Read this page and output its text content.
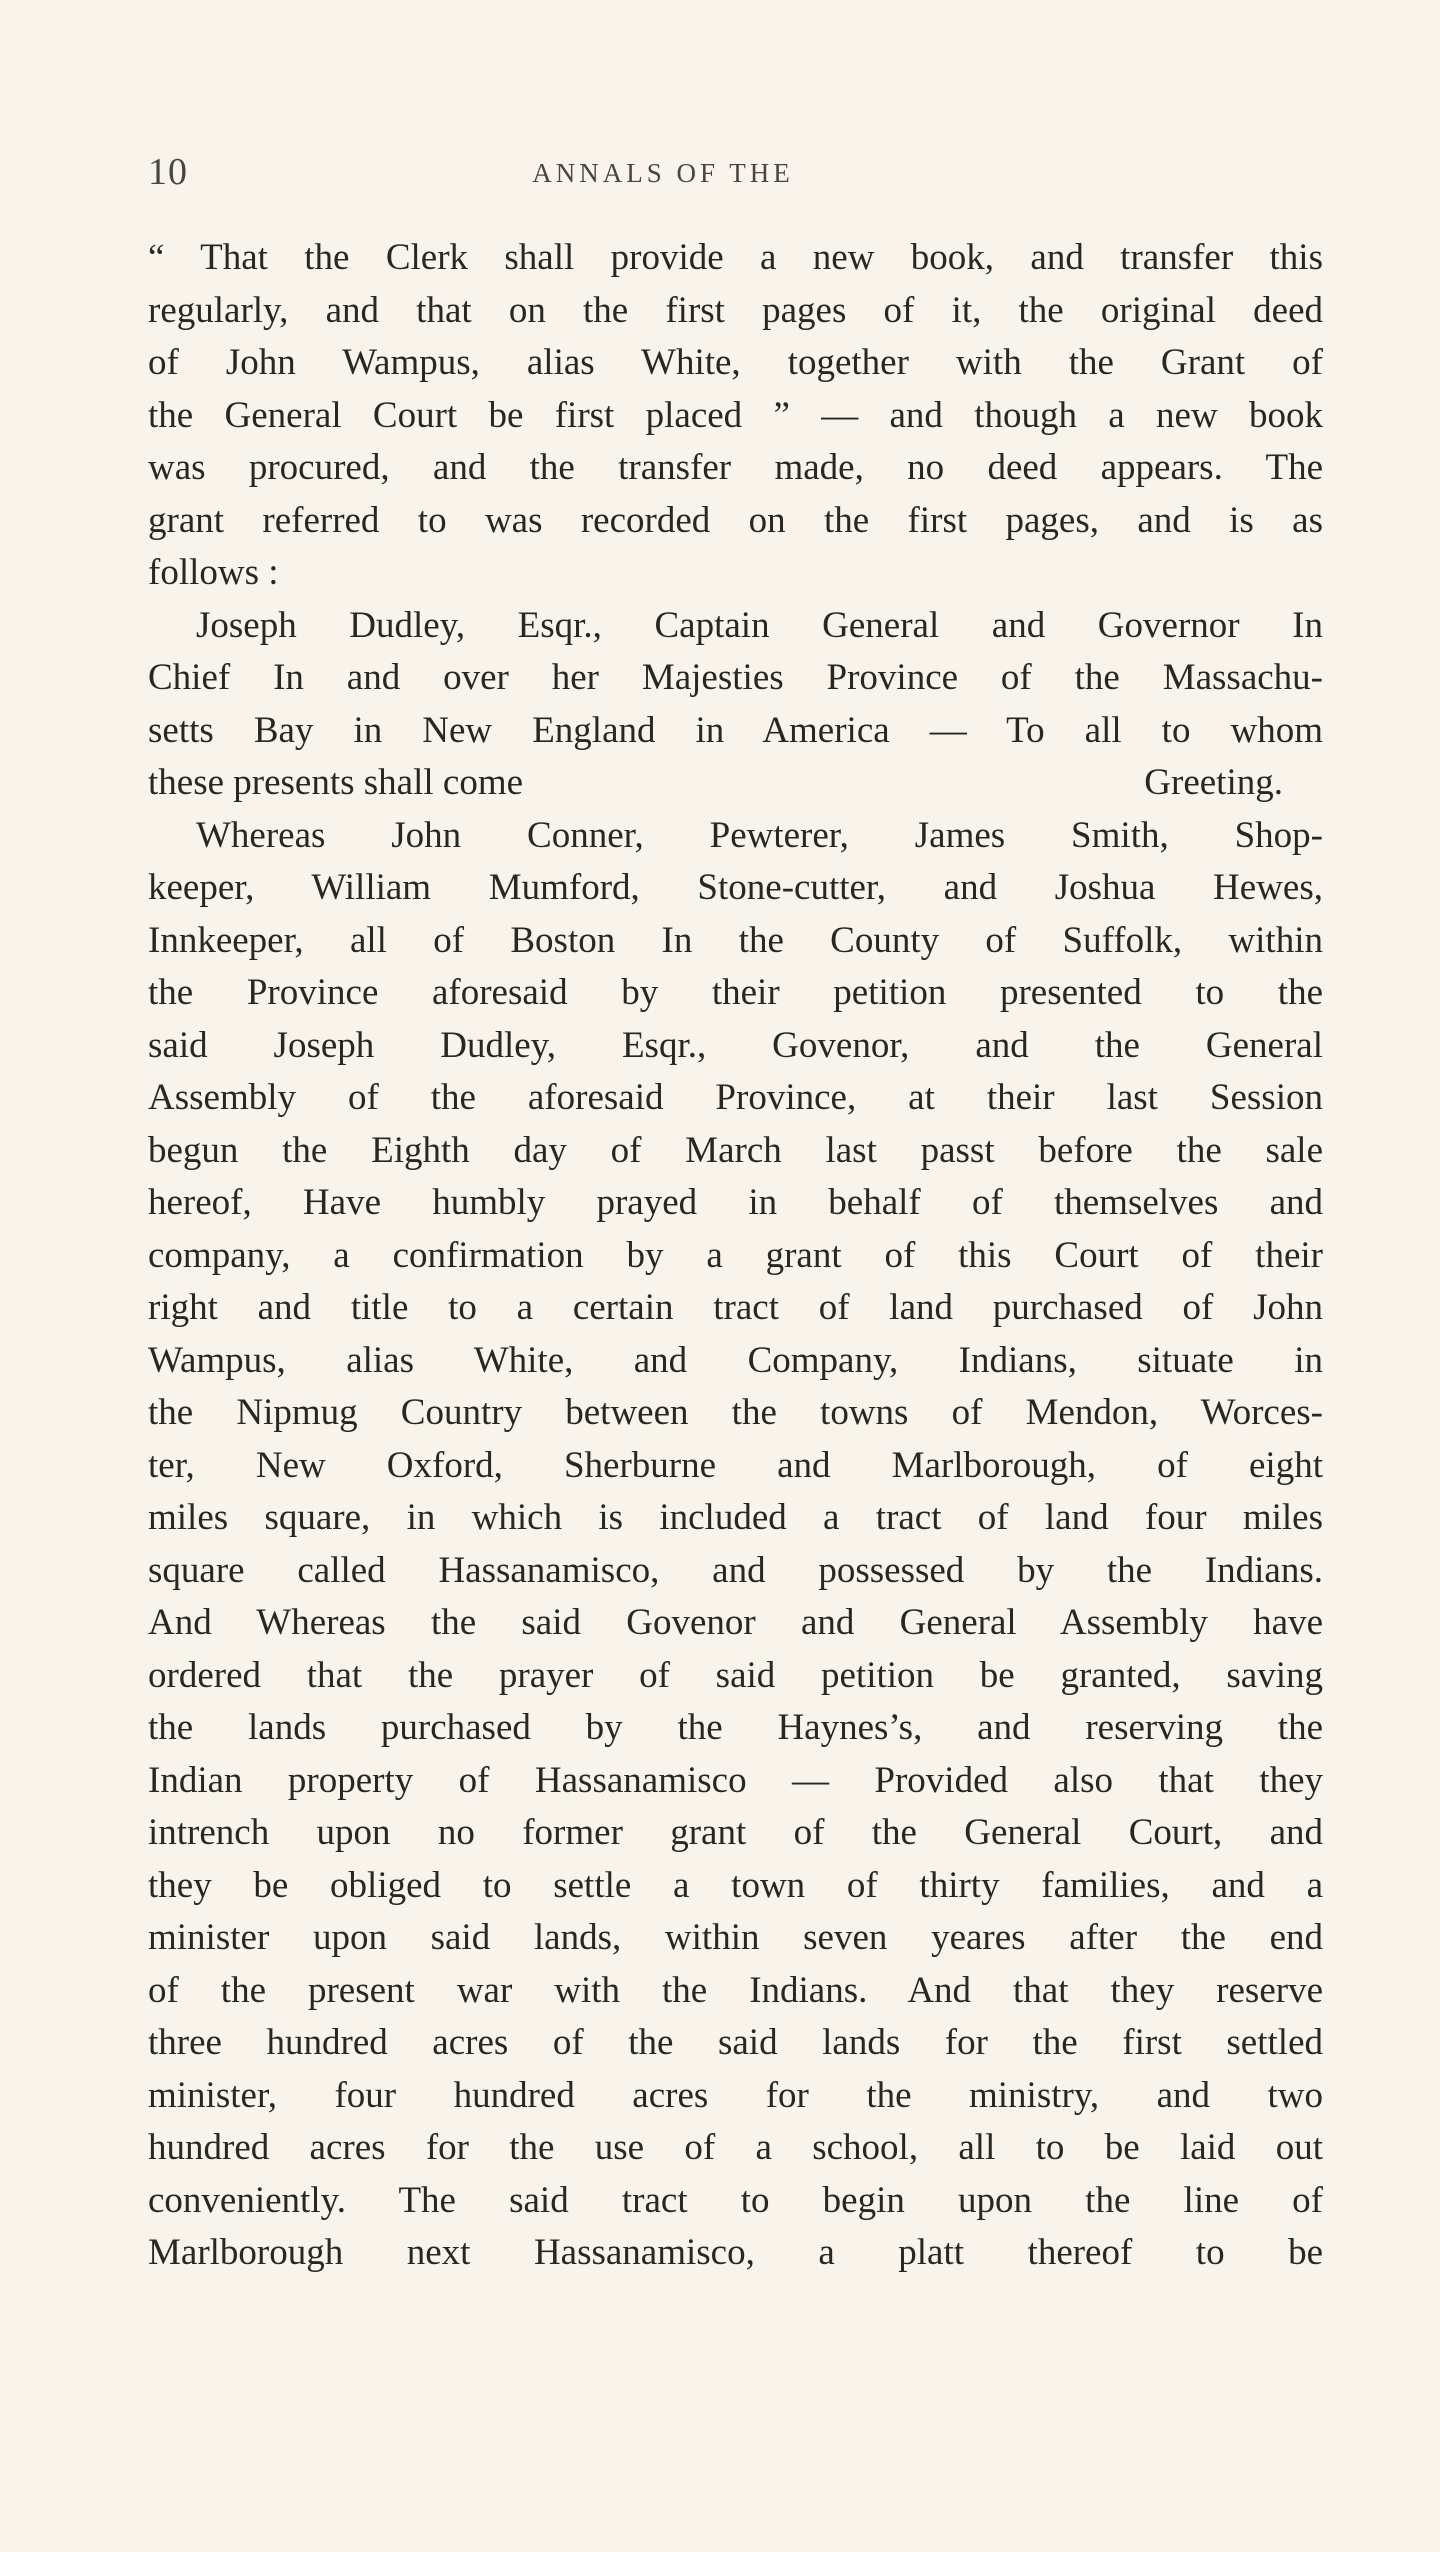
10	ANNALS OF THE
“ That the Clerk shall provide a new book, and transfer this
regularly, and that on the first pages of it, the original deed
of John Wampus, alias White, together with the Grant of
the General Court be first placed ” — and though a new book
was procured, and the transfer made, no deed appears. The
grant referred to was recorded on the first pages, and is as
follows :
Joseph Dudley, Esqr., Captain General and Governor In
Chief In and over her Majesties Province of the Massachu-
setts Bay in New England in America — To all to whom
these presents shall come	Greeting.
Whereas John Conner, Pewterer, James Smith, Shop-
keeper, William Mumford, Stone-cutter, and Joshua Hewes,
Innkeeper, all of Boston In the County of Suffolk, within
the Province aforesaid by their petition presented to the
said Joseph Dudley, Esqr., Govenor, and the General
Assembly of the aforesaid Province, at their last Session
begun the Eighth day of March last passt before the sale
hereof, Have humbly prayed in behalf of themselves and
company, a confirmation by a grant of this Court of their
right and title to a certain tract of land purchased of John
Wampus, alias White, and Company, Indians, situate in
the Nipmug Country between the towns of Mendon, Worces-
ter, New Oxford, Sherburne and Marlborough, of eight
miles square, in which is included a tract of land four miles
square called Hassanamisco, and possessed by the Indians.
And Whereas the said Govenor and General Assembly have
ordered that the prayer of said petition be granted, saving
the lands purchased by the Haynes’s, and reserving the
Indian property of Hassanamisco — Provided also that they
intrench upon no former grant of the General Court, and
they be obliged to settle a town of thirty families, and a
minister upon said lands, within seven yeares after the end
of the present war with the Indians. And that they reserve
three hundred acres of the said lands for the first settled
minister, four hundred acres for the ministry, and two
hundred acres for the use of a school, all to be laid out
conveniently. The said tract to begin upon the line of
Marlborough next Hassanamisco, a platt thereof to be
